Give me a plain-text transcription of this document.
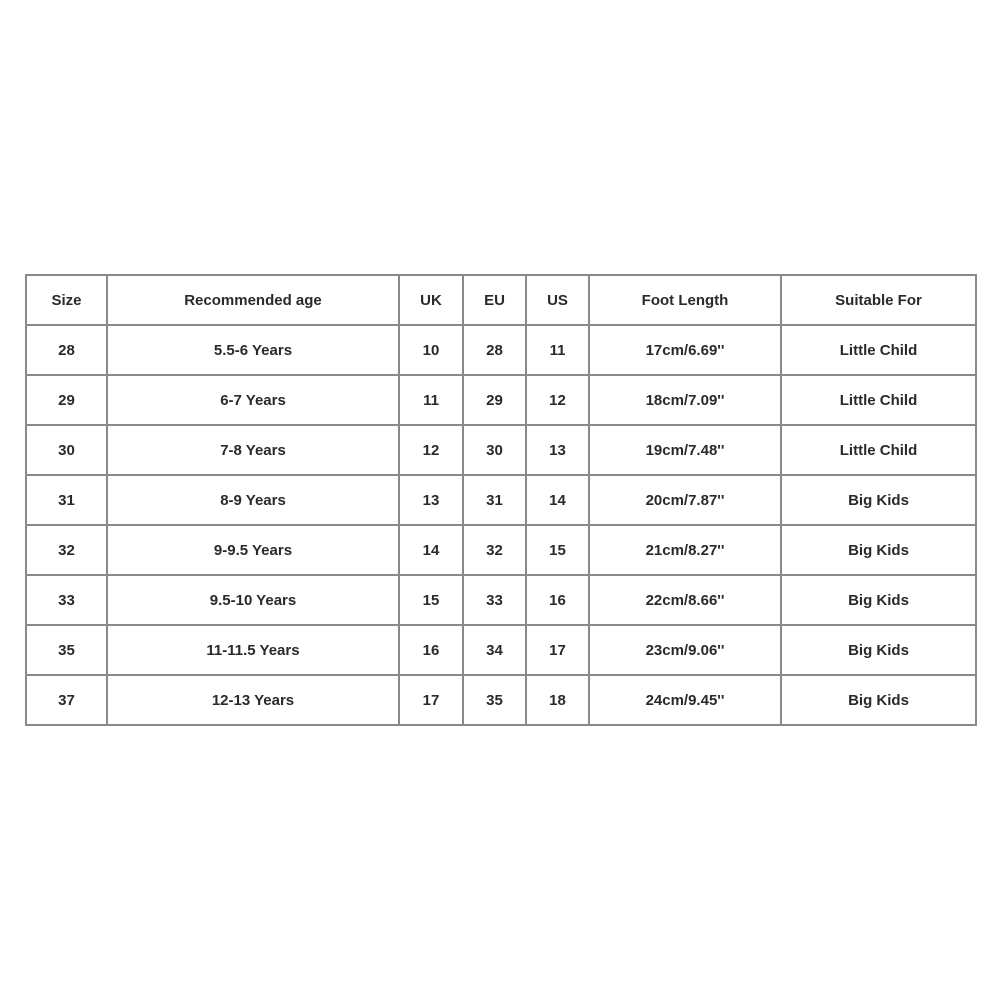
Size	Recommended age	UK	EU	US	Foot Length	Suitable For
28	5.5-6 Years	10	28	11	17cm/6.69''	Little Child
29	6-7 Years	11	29	12	18cm/7.09''	Little Child
30	7-8 Years	12	30	13	19cm/7.48''	Little Child
31	8-9 Years	13	31	14	20cm/7.87''	Big Kids
32	9-9.5 Years	14	32	15	21cm/8.27''	Big Kids
33	9.5-10 Years	15	33	16	22cm/8.66''	Big Kids
35	11-11.5 Years	16	34	17	23cm/9.06''	Big Kids
37	12-13 Years	17	35	18	24cm/9.45''	Big Kids
